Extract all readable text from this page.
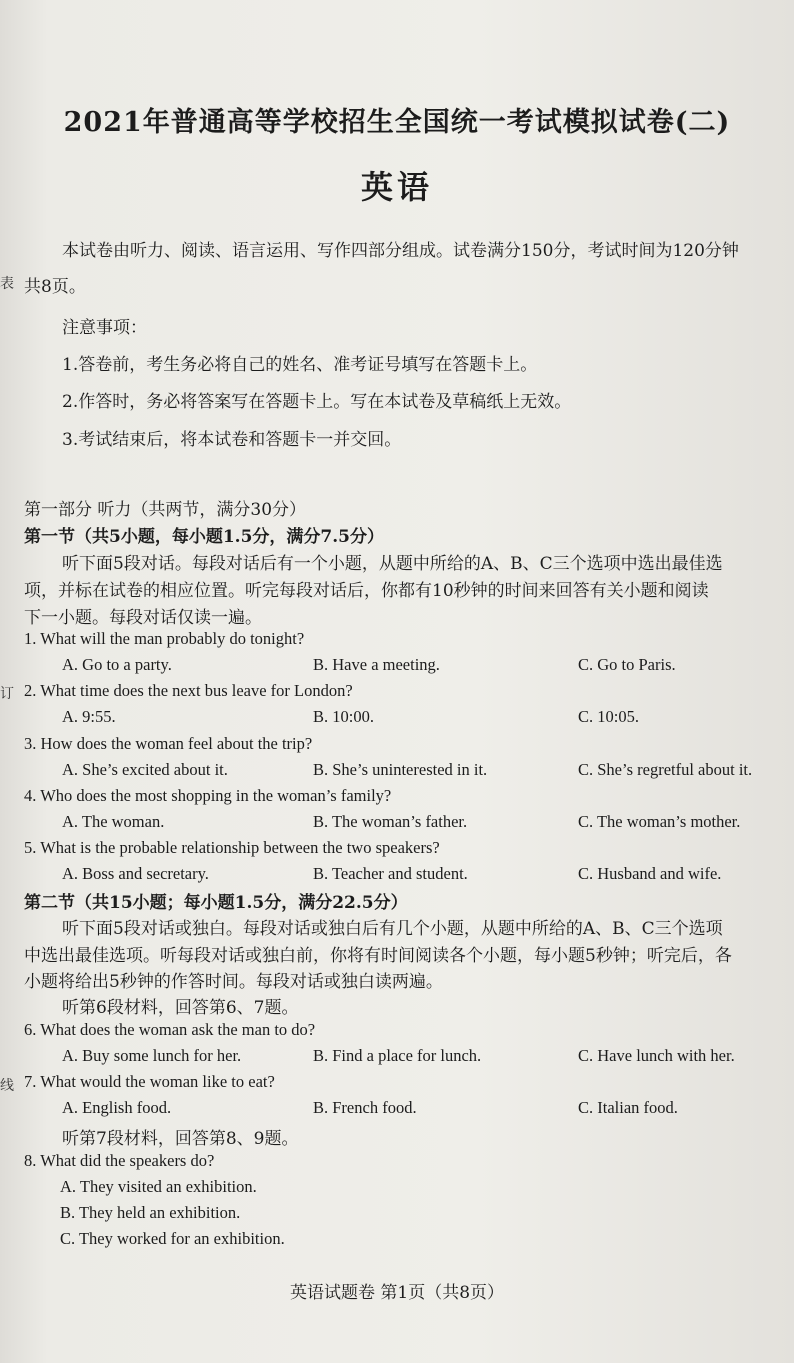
2021年普通高等学校招生全国统一考试模拟试卷(二)
英语
本试卷由听力、阅读、语言运用、写作四部分组成。试卷满分150分，考试时间为120分钟
表 共8页。
注意事项：
1.答卷前，考生务必将自己的姓名、准考证号填写在答题卡上。
2.作答时，务必将答案写在答题卡上。写在本试卷及草稿纸上无效。
3.考试结束后，将本试卷和答题卡一并交回。
第一部分 听力（共两节，满分30分）
第一节（共5小题，每小题1.5分，满分7.5分）
听下面5段对话。每段对话后有一个小题，从题中所给的A、B、C三个选项中选出最佳选
项，并标在试卷的相应位置。听完每段对话后，你都有10秒钟的时间来回答有关小题和阅读
下一小题。每段对话仅读一遍。
1. What will the man probably do tonight?
A. Go to a party.	B. Have a meeting.	C. Go to Paris.
订 2. What time does the next bus leave for London?
A. 9:55.	B. 10:00.	C. 10:05.
3. How does the woman feel about the trip?
A. She’s excited about it.	B. She’s uninterested in it.	C. She’s regretful about it.
4. Who does the most shopping in the woman’s family?
A. The woman.	B. The woman’s father.	C. The woman’s mother.
5. What is the probable relationship between the two speakers?
A. Boss and secretary.	B. Teacher and student.	C. Husband and wife.
第二节（共15小题；每小题1.5分，满分22.5分）
听下面5段对话或独白。每段对话或独白后有几个小题，从题中所给的A、B、C三个选项
中选出最佳选项。听每段对话或独白前，你将有时间阅读各个小题，每小题5秒钟；听完后，各
小题将给出5秒钟的作答时间。每段对话或独白读两遍。
听第6段材料，回答第6、7题。
6. What does the woman ask the man to do?
A. Buy some lunch for her.	B. Find a place for lunch.	C. Have lunch with her.
线 7. What would the woman like to eat?
A. English food.	B. French food.	C. Italian food.
听第7段材料，回答第8、9题。
8. What did the speakers do?
A. They visited an exhibition.
B. They held an exhibition.
C. They worked for an exhibition.
英语试题卷 第1页（共8页）
